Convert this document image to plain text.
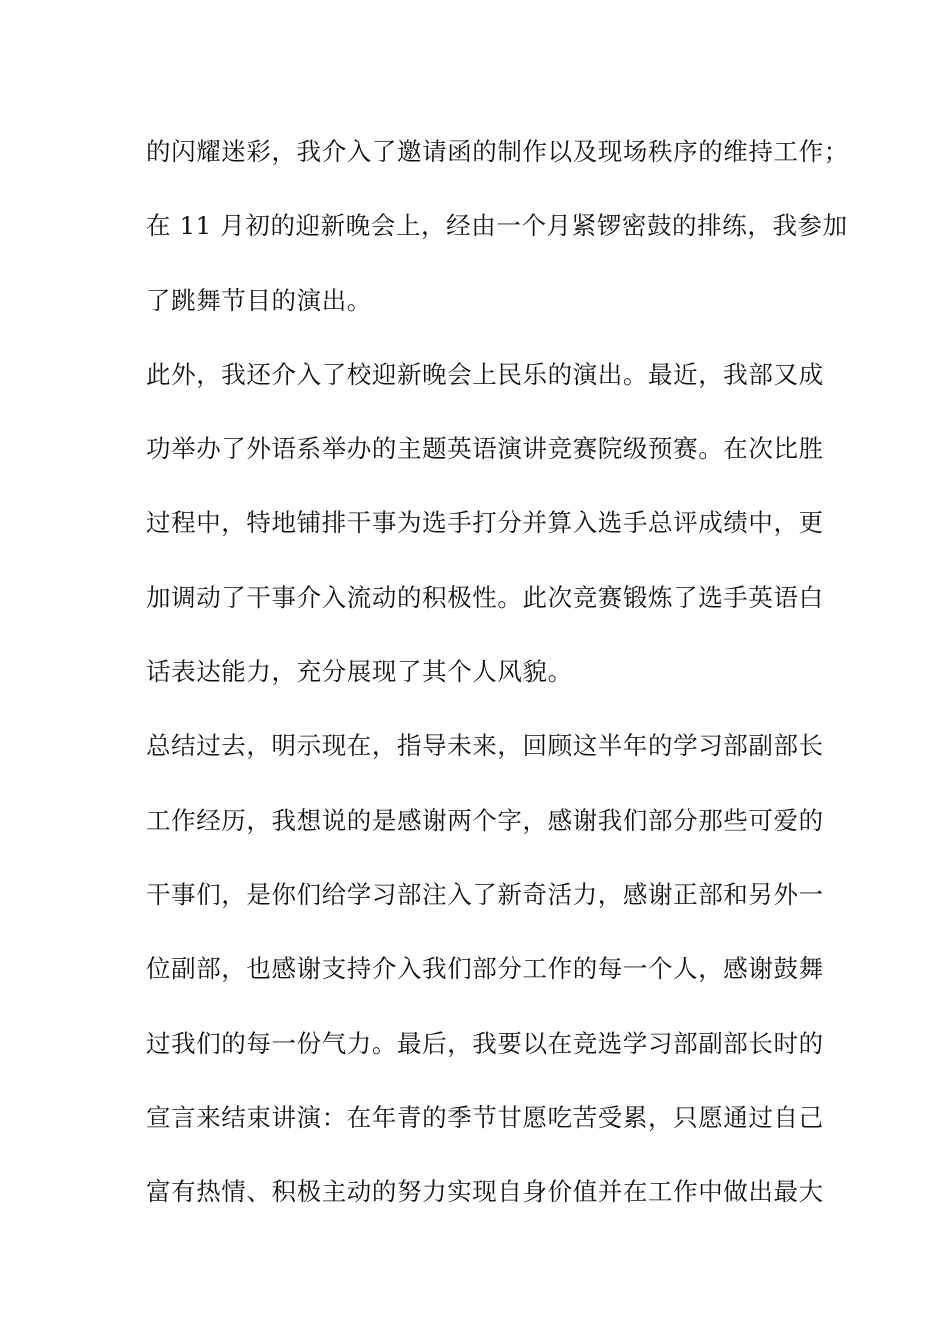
的闪耀迷彩，我介入了邀请函的制作以及现场秩序的维持工作；
在 11 月初的迎新晚会上，经由一个月紧锣密鼓的排练，我参加
了跳舞节目的演出。
此外，我还介入了校迎新晚会上民乐的演出。最近，我部又成
功举办了外语系举办的主题英语演讲竞赛院级预赛。在次比胜
过程中，特地铺排干事为选手打分并算入选手总评成绩中，更
加调动了干事介入流动的积极性。此次竞赛锻炼了选手英语白
话表达能力，充分展现了其个人风貌。
总结过去，明示现在，指导未来，回顾这半年的学习部副部长
工作经历，我想说的是感谢两个字，感谢我们部分那些可爱的
干事们，是你们给学习部注入了新奇活力，感谢正部和另外一
位副部，也感谢支持介入我们部分工作的每一个人，感谢鼓舞
过我们的每一份气力。最后，我要以在竞选学习部副部长时的
宣言来结束讲演：在年青的季节甘愿吃苦受累，只愿通过自己
富有热情、积极主动的努力实现自身价值并在工作中做出最大
